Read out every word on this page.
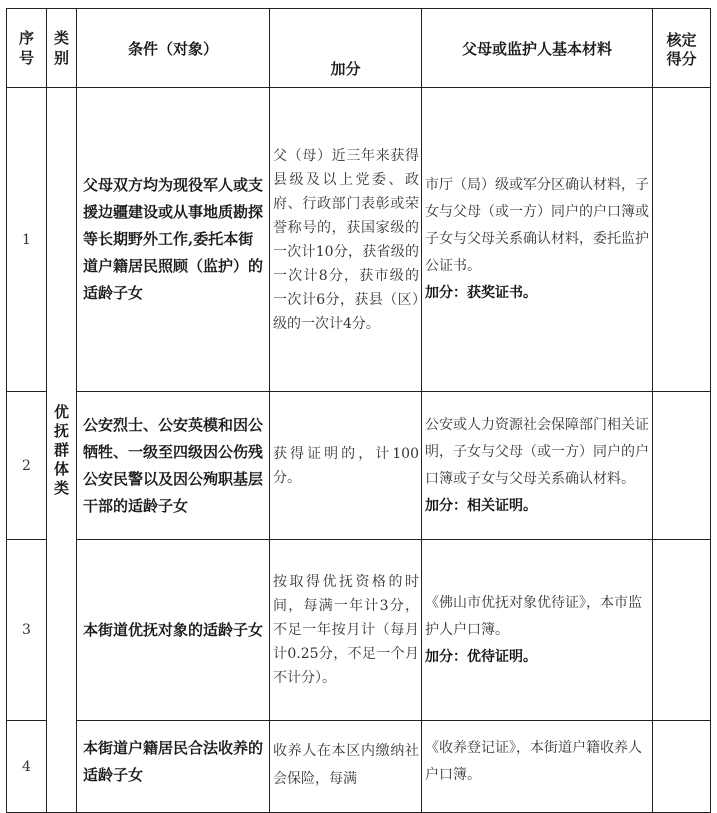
序号	类别	条件（对象）	加分	父母或监护人基本材料	核定得分
1	优抚群体类	父母双方均为现役军人或支援边疆建设或从事地质勘探等长期野外工作,委托本街道户籍居民照顾（监护）的适龄子女	父（母）近三年来获得县级及以上党委、政府、行政部门表彰或荣誉称号的，获国家级的一次计10分，获省级的一次计8分，获市级的一次计6分，获县（区）级的一次计4分。	市厅（局）级或军分区确认材料，子女与父母（或一方）同户的户口簿或子女与父母关系确认材料，委托监护公证书。
加分：获奖证书。	

2		公安烈士、公安英模和因公牺牲、一级至四级因公伤残公安民警以及因公殉职基层干部的适龄子女	获得证明的，计100分。	公安或人力资源社会保障部门相关证明，子女与父母（或一方）同户的户口簿或子女与父母关系确认材料。
加分：相关证明。	

3		本街道优抚对象的适龄子女	按取得优抚资格的时间，每满一年计3分，不足一年按月计（每月计0.25分，不足一个月不计分）。	《佛山市优抚对象优待证》，本市监护人户口簿。
加分：优待证明。	

4		本街道户籍居民合法收养的适龄子女	收养人在本区内缴纳社会保险，每满	《收养登记证》，本街道户籍收养人户口簿。	
